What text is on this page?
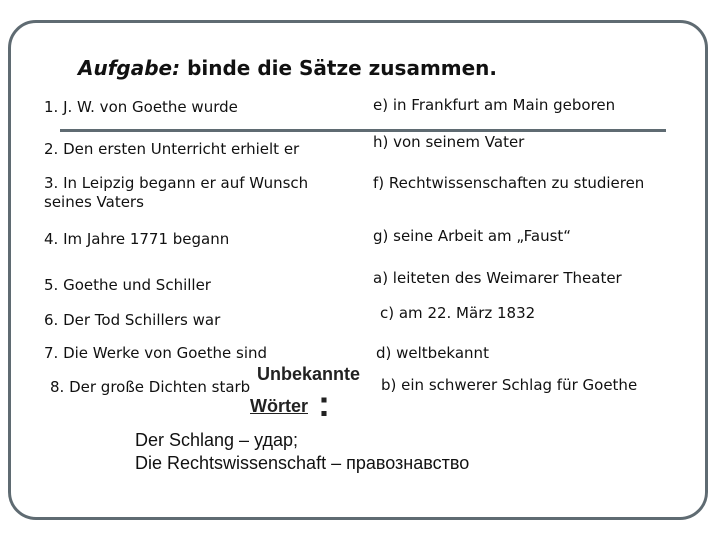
Aufgabe: binde die Sätze zusammen.
1. J. W. von Goethe wurde
2. Den ersten Unterricht erhielt er
3. In Leipzig begann er auf Wunsch
seines Vaters
4. Im Jahre 1771 begann
5. Goethe und Schiller
6. Der Tod Schillers war
7. Die Werke von Goethe sind
8. Der große Dichten starb
e) in Frankfurt am Main geboren
h) von seinem Vater
f) Rechtwissenschaften zu studieren
g) seine Arbeit am „Faust“
a) leiteten des Weimarer Theater
c) am 22. März 1832
d) weltbekannt
b) ein schwerer Schlag für Goethe
Unbekannte
Wörter :
Der Schlang – удар;
Die Rechtswissenschaft – правознавство
